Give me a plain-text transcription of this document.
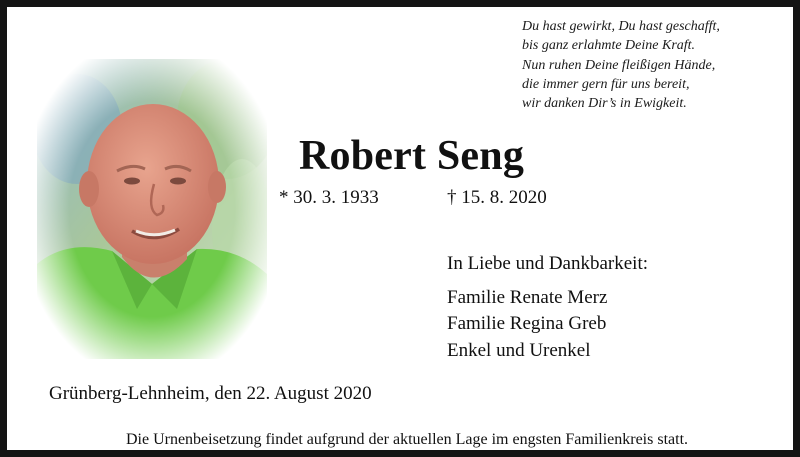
Du hast gewirkt, Du hast geschafft,
bis ganz erlahmte Deine Kraft.
Nun ruhen Deine fleißigen Hände,
die immer gern für uns bereit,
wir danken Dir’s in Ewigkeit.
Robert Seng
* 30. 3. 1933	† 15. 8. 2020
In Liebe und Dankbarkeit:
Familie Renate Merz
Familie Regina Greb
Enkel und Urenkel
Grünberg-Lehnheim, den 22. August 2020
Die Urnenbeisetzung findet aufgrund der aktuellen Lage im engsten Familienkreis statt.
